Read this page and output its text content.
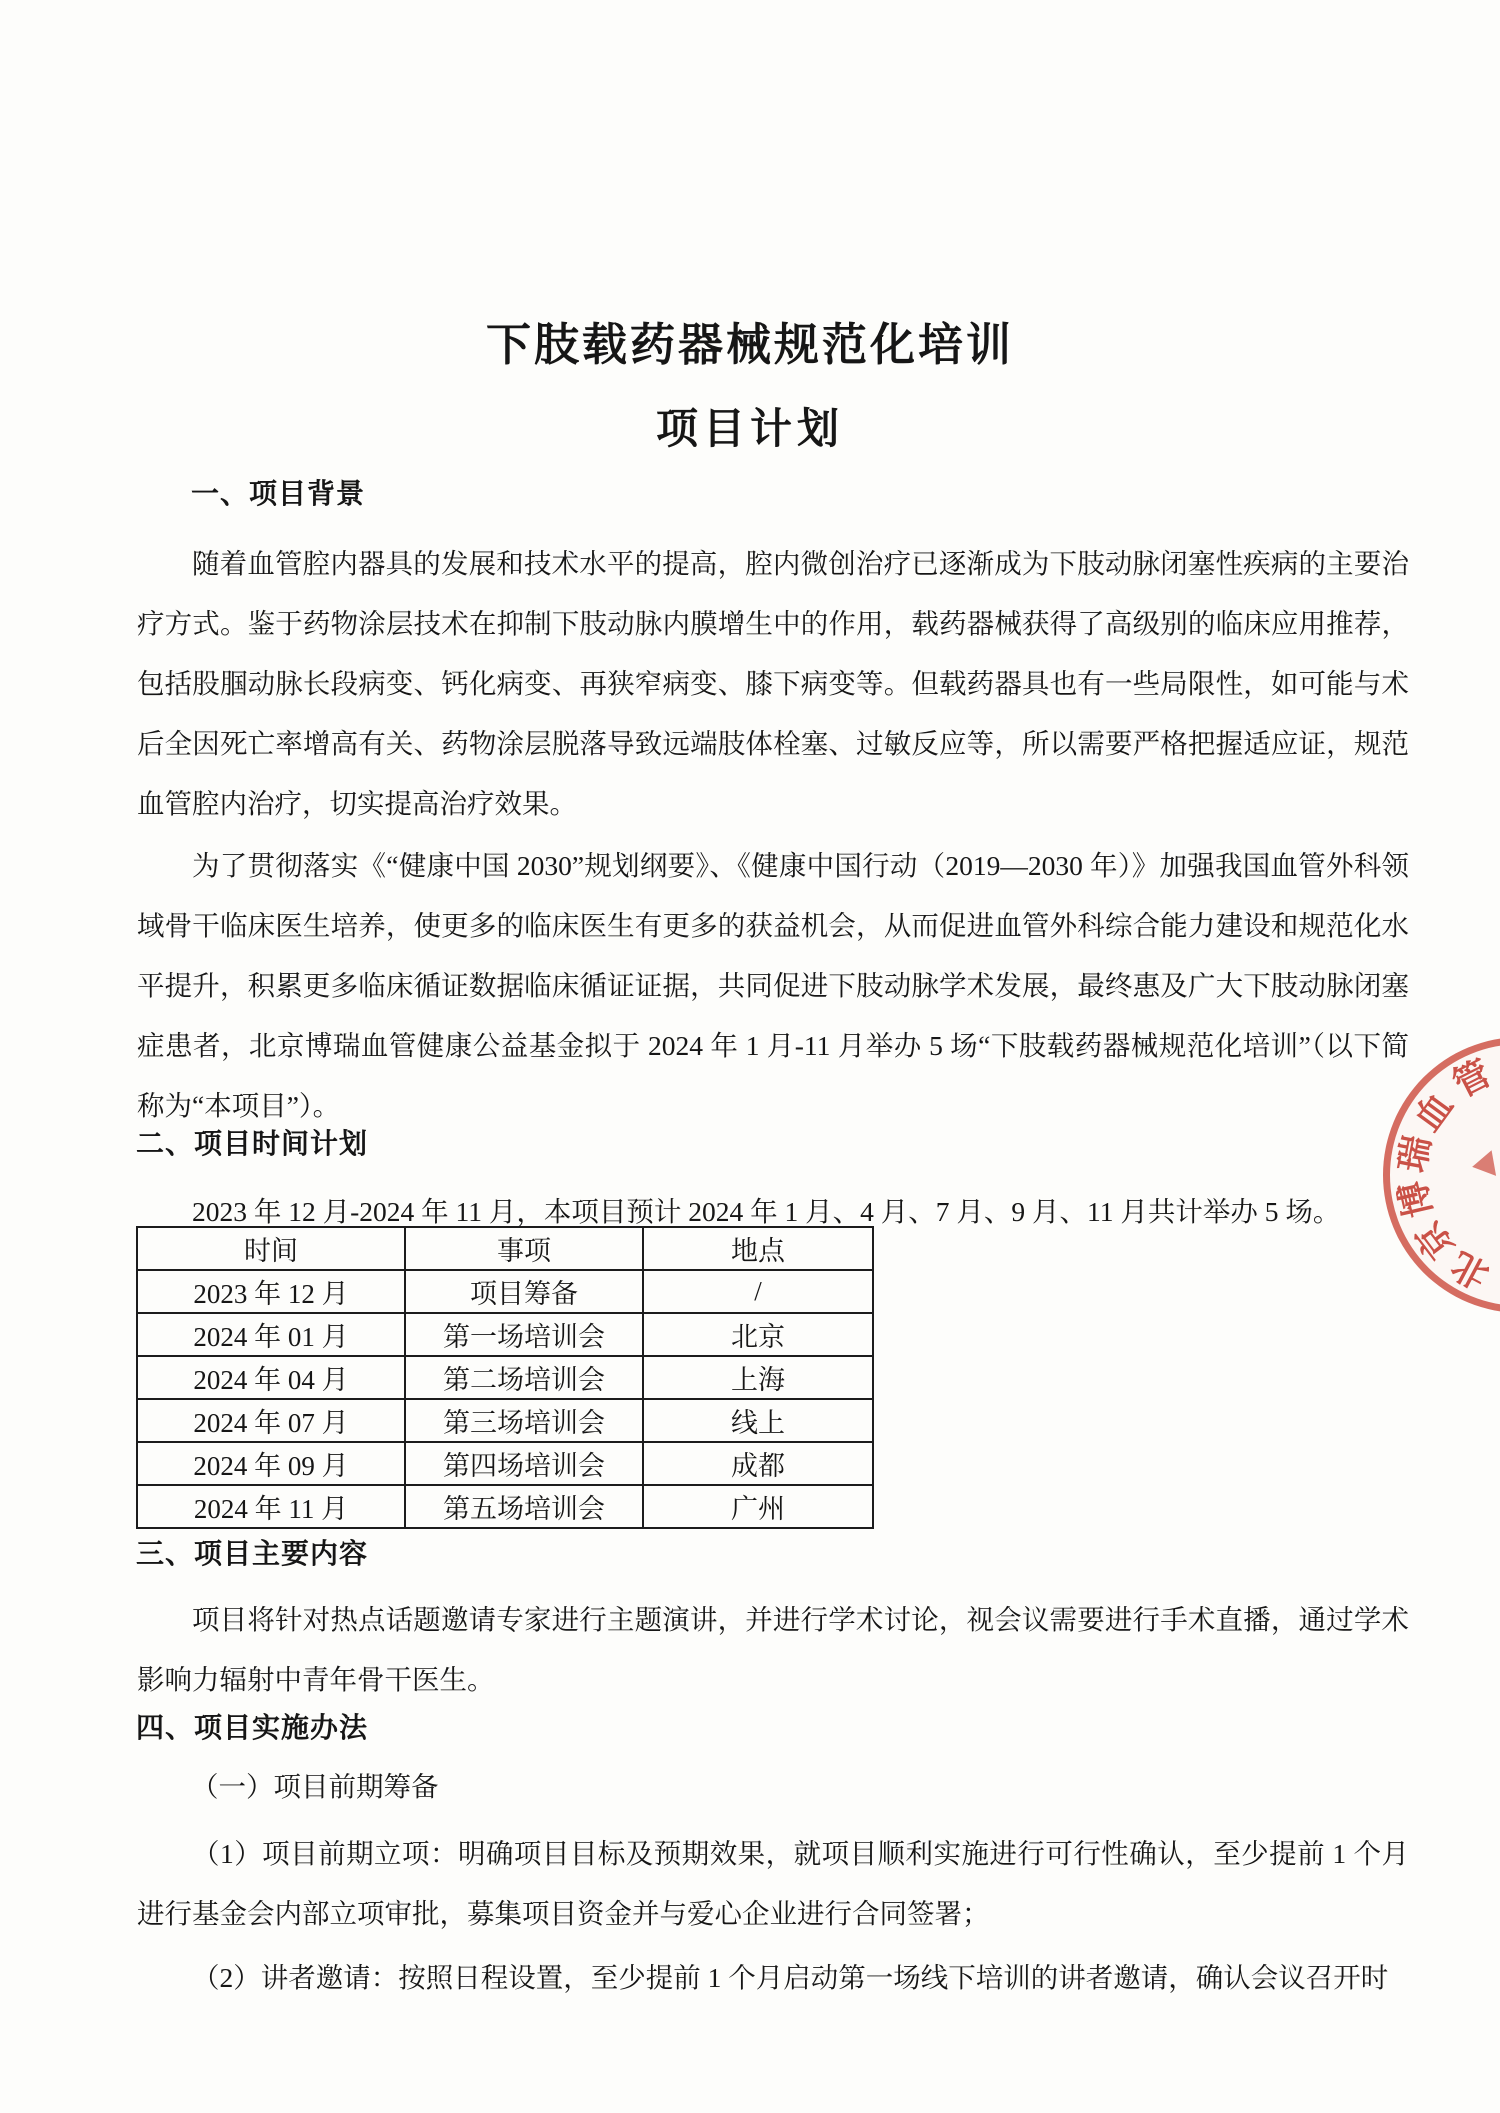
下肢载药器械规范化培训
项目计划
一、项目背景
随着血管腔内器具的发展和技术水平的提高，腔内微创治疗已逐渐成为下肢动脉闭塞性疾病的主要治疗方式。鉴于药物涂层技术在抑制下肢动脉内膜增生中的作用，载药器械获得了高级别的临床应用推荐，包括股腘动脉长段病变、钙化病变、再狭窄病变、膝下病变等。但载药器具也有一些局限性，如可能与术后全因死亡率增高有关、药物涂层脱落导致远端肢体栓塞、过敏反应等，所以需要严格把握适应证，规范血管腔内治疗，切实提高治疗效果。
为了贯彻落实《“健康中国 2030”规划纲要》、《健康中国行动（2019—2030 年）》加强我国血管外科领域骨干临床医生培养，使更多的临床医生有更多的获益机会，从而促进血管外科综合能力建设和规范化水平提升，积累更多临床循证数据临床循证证据，共同促进下肢动脉学术发展，最终惠及广大下肢动脉闭塞症患者，北京博瑞血管健康公益基金拟于 2024 年 1 月-11 月举办 5 场“下肢载药器械规范化培训”（以下简称为“本项目”）。
二、项目时间计划
2023 年 12 月-2024 年 11 月，本项目预计 2024 年 1 月、4 月、7 月、9 月、11 月共计举办 5 场。
时间	事项	地点
2023 年 12 月	项目筹备	/
2024 年 01 月	第一场培训会	北京
2024 年 04 月	第二场培训会	上海
2024 年 07 月	第三场培训会	线上
2024 年 09 月	第四场培训会	成都
2024 年 11 月	第五场培训会	广州
三、项目主要内容
项目将针对热点话题邀请专家进行主题演讲，并进行学术讨论，视会议需要进行手术直播，通过学术影响力辐射中青年骨干医生。
四、项目实施办法
（一）项目前期筹备
（1）项目前期立项：明确项目目标及预期效果，就项目顺利实施进行可行性确认，至少提前 1 个月进行基金会内部立项审批，募集项目资金并与爱心企业进行合同签署；
（2）讲者邀请：按照日程设置，至少提前 1 个月启动第一场线下培训的讲者邀请，确认会议召开时
北
京
博
瑞
血
管
